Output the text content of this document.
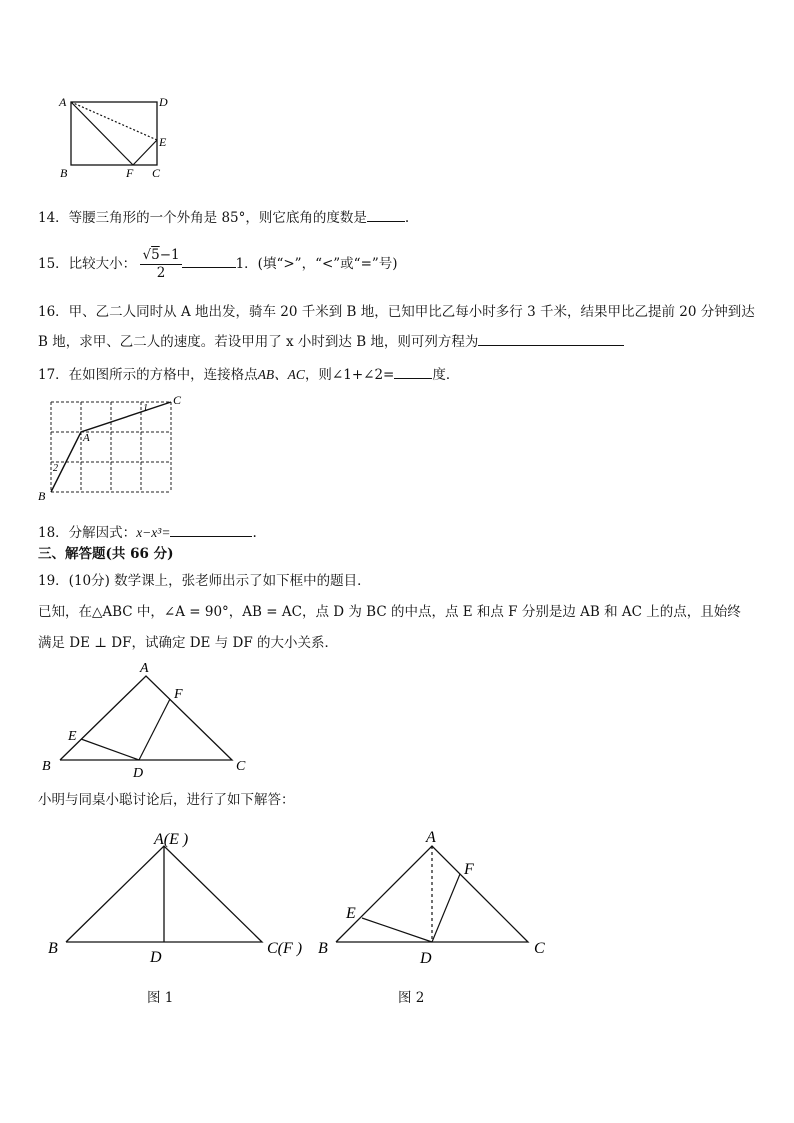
A	D
E
B	F C
14．等腰三角形的一个外角是 85°，则它底角的度数是	.
15．比较大小： $\frac{√5-1}{2}$	1．(填“>”，“<”或“=”号)
16．甲、乙二人同时从 A 地出发，骑车 20 千米到 B 地，已知甲比乙每小时多行 3 千米，结果甲比乙提前 20 分钟到达
B 地，求甲、乙二人的速度。若设甲用了 x 小时到达 B 地，则可列方程为
17．在如图所示的方格中，连接格点AB、AC，则∠1+∠2=	度．
C
A
B
1
2
18．分解因式：x−x³=	.
三、解答题(共 66 分)
19．(10分) 数学课上，张老师出示了如下框中的题目．
已知，在△ABC 中，∠A = 90°，AB = AC，点 D 为 BC 的中点，点 E 和点 F 分别是边 AB 和 AC 上的点，且始终
满足 DE ⊥ DF，试确定 DE 与 DF 的大小关系．
A
F
E
B	D	C
小明与同桌小聪讨论后，进行了如下解答：
A(E )
B
D
C(F )
图 1
A
F
E
B
D
C
图 2
